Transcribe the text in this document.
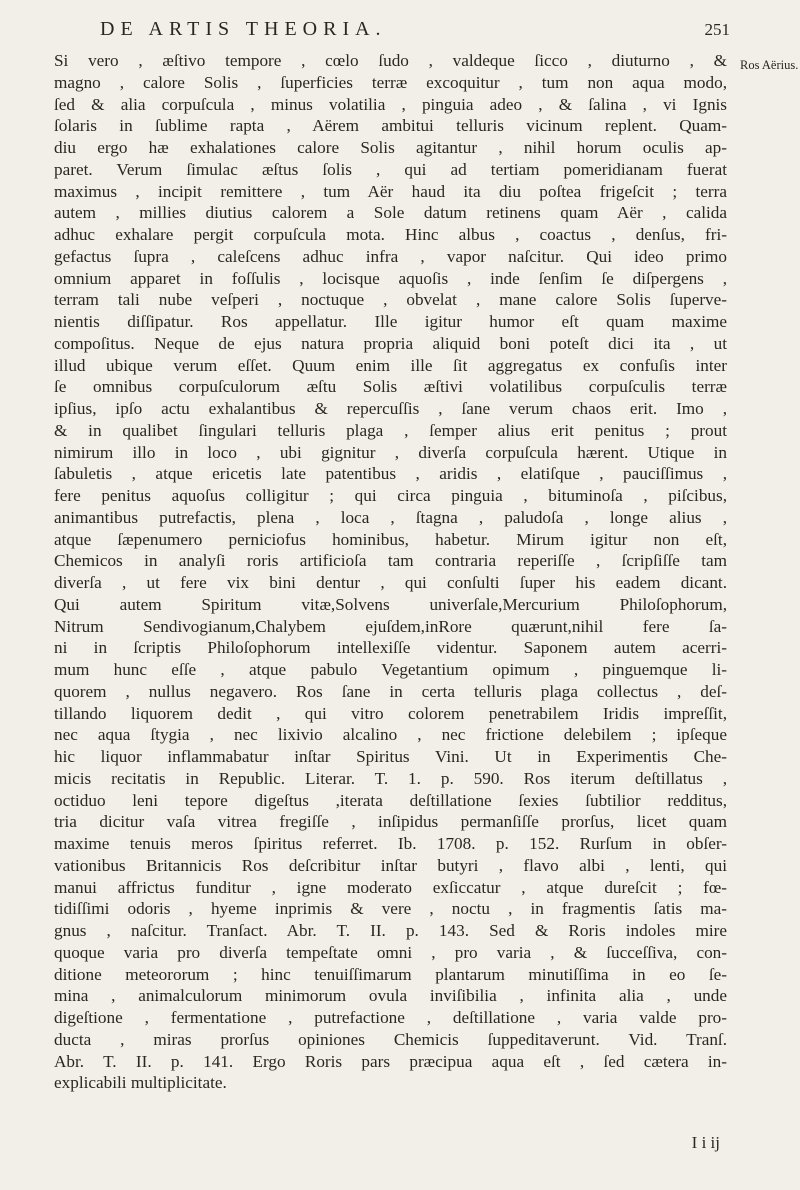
DE ARTIS THEORIA.	251
Ros Aërius.
Si vero , æſtivo tempore , cœlo ſudo , valdeque ſicco , diuturno , &
magno , calore Solis , ſuperficies terræ excoquitur , tum non aqua modo,
ſed & alia corpuſcula , minus volatilia , pinguia adeo , & ſalina , vi Ignis
ſolaris in ſublime rapta , Aërem ambitui telluris vicinum replent. Quam-
diu ergo hæ exhalationes calore Solis agitantur , nihil horum oculis ap-
paret. Verum ſimulac æſtus ſolis , qui ad tertiam pomeridianam fuerat
maximus , incipit remittere , tum Aër haud ita diu poſtea frigeſcit ; terra
autem , millies diutius calorem a Sole datum retinens quam Aër , calida
adhuc exhalare pergit corpuſcula mota. Hinc albus , coactus , denſus, fri-
gefactus ſupra , caleſcens adhuc infra , vapor naſcitur. Qui ideo primo
omnium apparet in foſſulis , locisque aquoſis , inde ſenſim ſe diſpergens ,
terram tali nube veſperi , noctuque , obvelat , mane calore Solis ſuperve-
nientis diſſipatur. Ros appellatur. Ille igitur humor eſt quam maxime
compoſitus. Neque de ejus natura propria aliquid boni poteſt dici ita , ut
illud ubique verum eſſet. Quum enim ille ſit aggregatus ex confuſis inter
ſe omnibus corpuſculorum æſtu Solis æſtivi volatilibus corpuſculis terræ
ipſius, ipſo actu exhalantibus & repercuſſis , ſane verum chaos erit. Imo ,
& in qualibet ſingulari telluris plaga , ſemper alius erit penitus ; prout
nimirum illo in loco , ubi gignitur , diverſa corpuſcula hærent. Utique in
ſabuletis , atque ericetis late patentibus , aridis , elatiſque , pauciſſimus ,
fere penitus aquoſus colligitur ; qui circa pinguia , bituminoſa , piſcibus,
animantibus putrefactis, plena , loca , ſtagna , paludoſa , longe alius ,
atque ſæpenumero perniciofus hominibus, habetur. Mirum igitur non eſt,
Chemicos in analyſi roris artificioſa tam contraria reperiſſe , ſcripſiſſe tam
diverſa , ut fere vix bini dentur , qui conſulti ſuper his eadem dicant.
Qui autem Spiritum vitæ,Solvens univerſale,Mercurium Philoſophorum,
Nitrum Sendivogianum,Chalybem ejuſdem,inRore quærunt,nihil fere ſa-
ni in ſcriptis Philoſophorum intellexiſſe videntur. Saponem autem acerri-
mum hunc eſſe , atque pabulo Vegetantium opimum , pinguemque li-
quorem , nullus negavero. Ros ſane in certa telluris plaga collectus , deſ-
tillando liquorem dedit , qui vitro colorem penetrabilem Iridis impreſſit,
nec aqua ſtygia , nec lixivio alcalino , nec frictione delebilem ; ipſeque
hic liquor inflammabatur inſtar Spiritus Vini. Ut in Experimentis Che-
micis recitatis in Republic. Literar. T. 1. p. 590. Ros iterum deſtillatus ,
octiduo leni tepore digeſtus ,iterata deſtillatione ſexies ſubtilior redditus,
tria dicitur vaſa vitrea fregiſſe , inſipidus permanſiſſe prorſus, licet quam
maxime tenuis meros ſpiritus referret. Ib. 1708. p. 152. Rurſum in obſer-
vationibus Britannicis Ros deſcribitur inſtar butyri , flavo albi , lenti, qui
manui affrictus funditur , igne moderato exſiccatur , atque dureſcit ; fœ-
tidiſſimi odoris , hyeme inprimis & vere , noctu , in fragmentis ſatis ma-
gnus , naſcitur. Tranſact. Abr. T. II. p. 143. Sed & Roris indoles mire
quoque varia pro diverſa tempeſtate omni , pro varia , & ſucceſſiva, con-
ditione meteororum ; hinc tenuiſſimarum plantarum minutiſſima in eo ſe-
mina , animalculorum minimorum ovula inviſibilia , infinita alia , unde
digeſtione , fermentatione , putrefactione , deſtillatione , varia valde pro-
ducta , miras prorſus opiniones Chemicis ſuppeditaverunt. Vid. Tranſ.
Abr. T. II. p. 141. Ergo Roris pars præcipua aqua eſt , ſed cætera in-
explicabili multiplicitate.
I i ij
